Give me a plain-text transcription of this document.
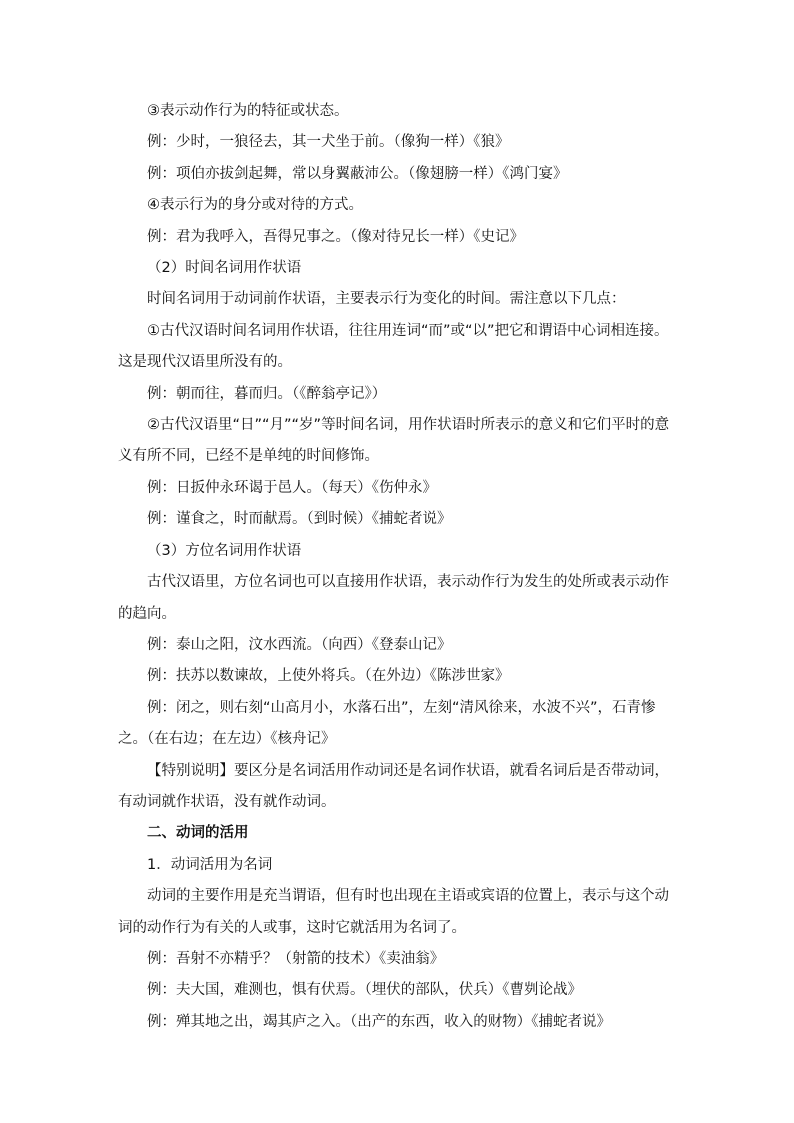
③表示动作行为的特征或状态。

例：少时，一狼径去，其一犬坐于前。（像狗一样）《狼》

例：项伯亦拔剑起舞，常以身翼蔽沛公。（像翅膀一样）《鸿门宴》

④表示行为的身分或对待的方式。

例：君为我呼入，吾得兄事之。（像对待兄长一样）《史记》

（2）时间名词用作状语

时间名词用于动词前作状语，主要表示行为变化的时间。需注意以下几点：

①古代汉语时间名词用作状语，往往用连词“而”或“以”把它和谓语中心词相连接。这是现代汉语里所没有的。

例：朝而往，暮而归。（《醉翁亭记》）

②古代汉语里“日”“月”“岁”等时间名词，用作状语时所表示的意义和它们平时的意义有所不同，已经不是单纯的时间修饰。

例：日扳仲永环谒于邑人。（每天）《伤仲永》

例：谨食之，时而献焉。（到时候）《捕蛇者说》

（3）方位名词用作状语

古代汉语里，方位名词也可以直接用作状语，表示动作行为发生的处所或表示动作的趋向。

例：泰山之阳，汶水西流。（向西）《登泰山记》

例：扶苏以数谏故，上使外将兵。（在外边）《陈涉世家》

例：闭之，则右刻“山高月小，水落石出”，左刻“清风徐来，水波不兴”，石青惨之。（在右边；在左边）《核舟记》

【特别说明】要区分是名词活用作动词还是名词作状语，就看名词后是否带动词，有动词就作状语，没有就作动词。

二、动词的活用

1．动词活用为名词

动词的主要作用是充当谓语，但有时也出现在主语或宾语的位置上，表示与这个动词的动作行为有关的人或事，这时它就活用为名词了。

例：吾射不亦精乎？（射箭的技术）《卖油翁》

例：夫大国，难测也，惧有伏焉。（埋伏的部队，伏兵）《曹刿论战》

例：殚其地之出，竭其庐之入。（出产的东西，收入的财物）《捕蛇者说》
